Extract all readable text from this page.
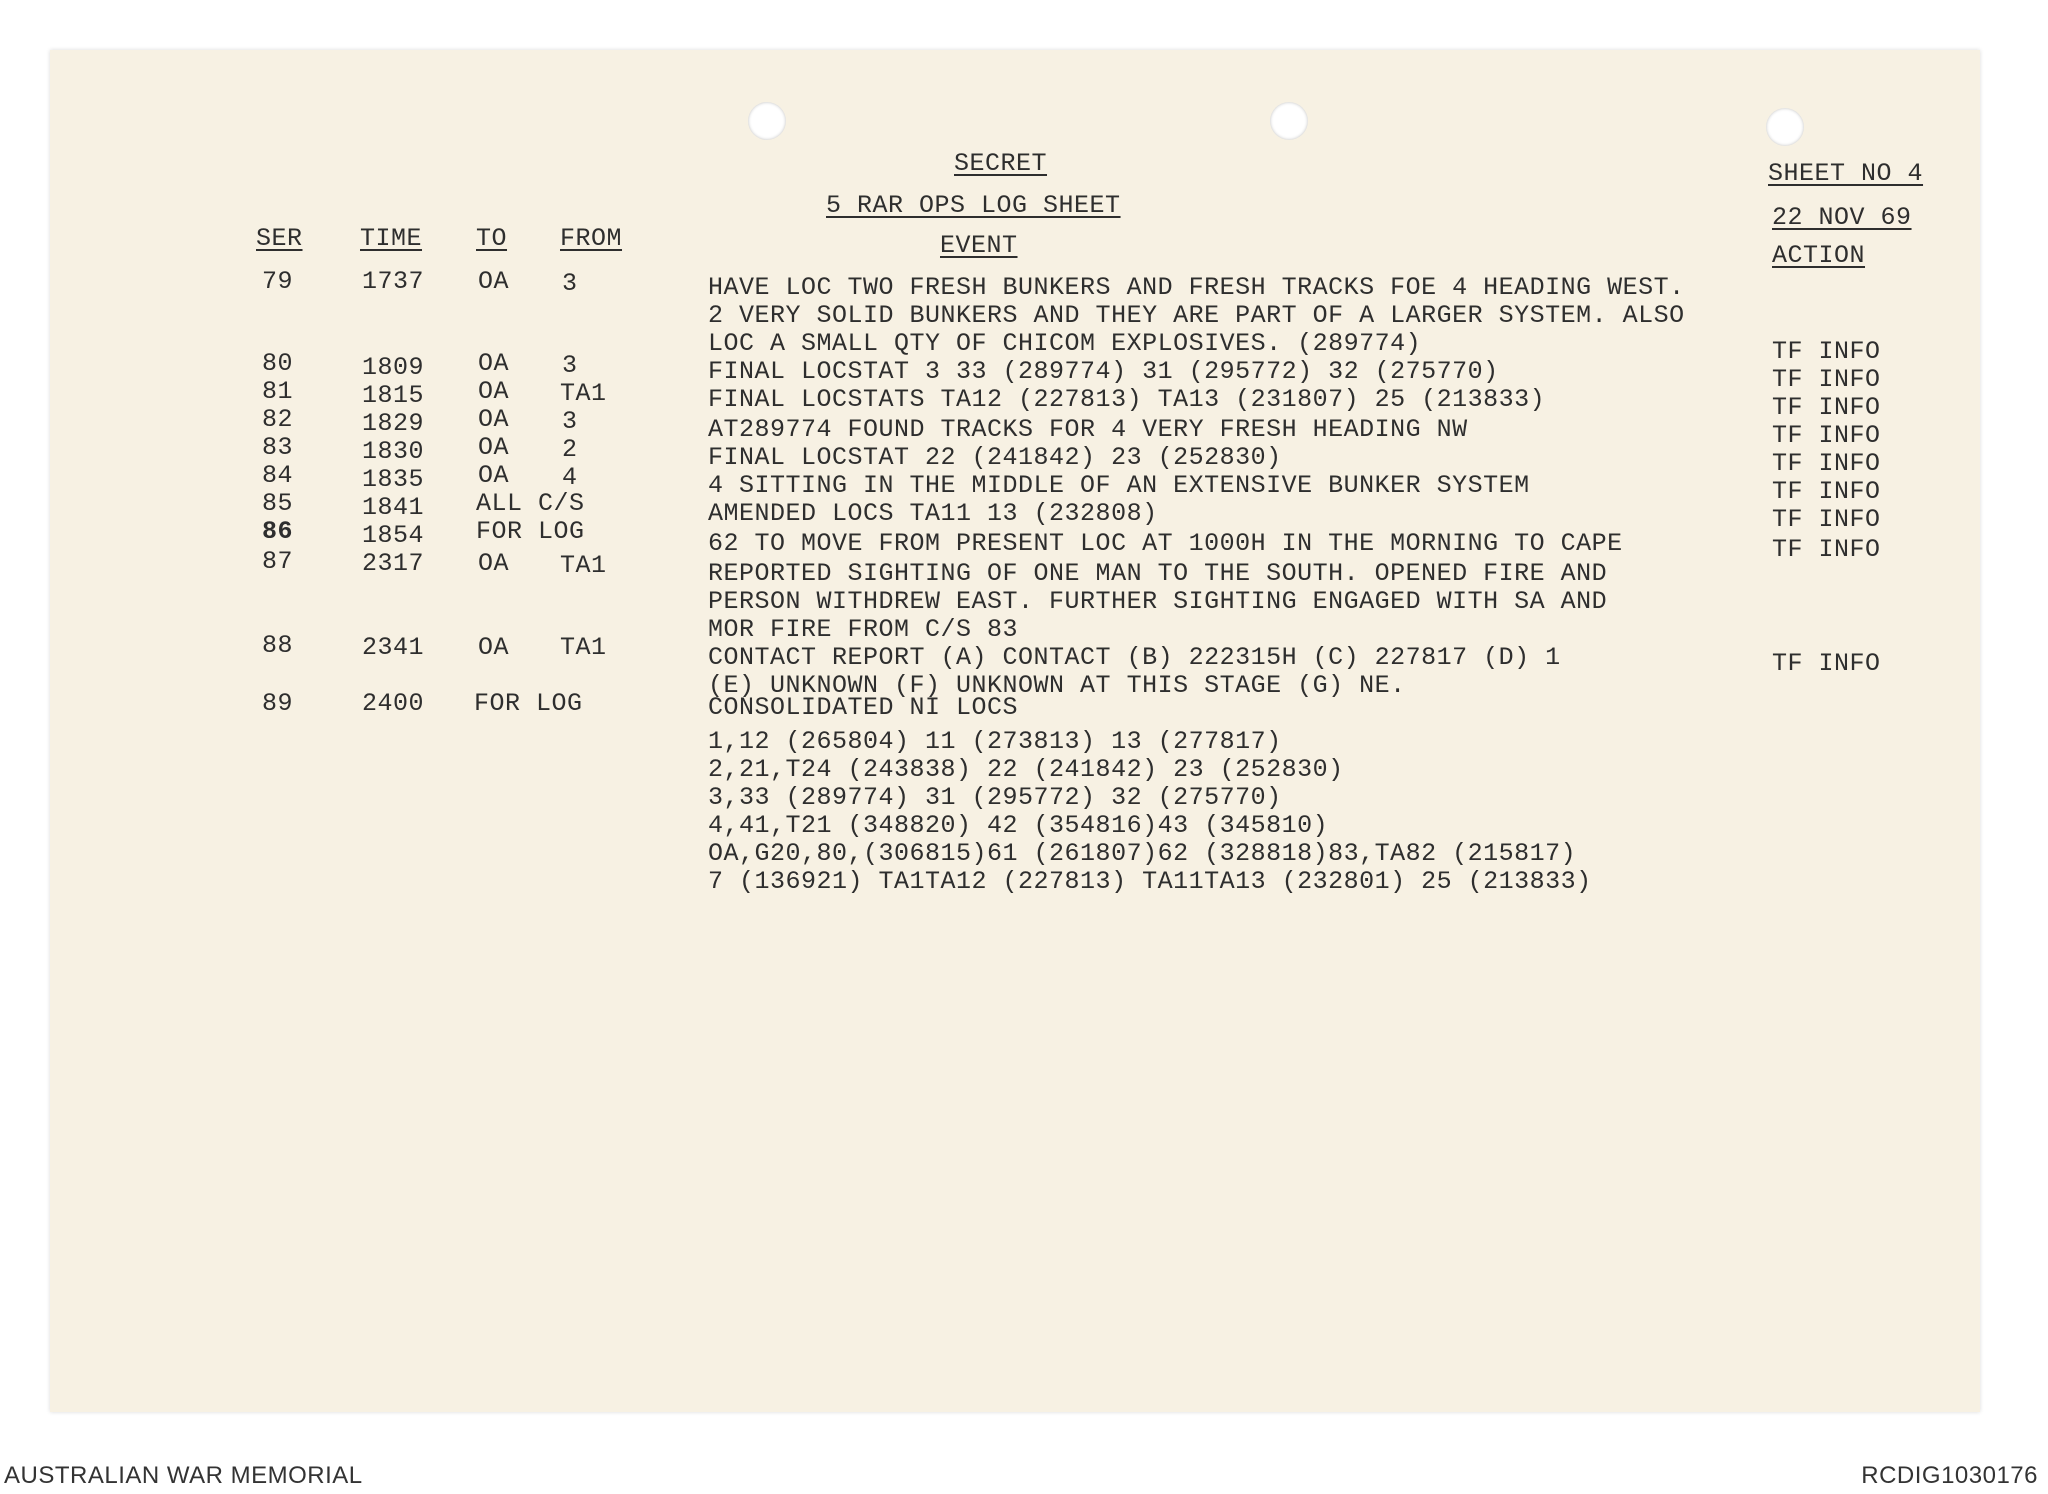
SECRET
5 RAR OPS LOG SHEET
SHEET NO 4
22 NOV 69
SER TIME TO FROM	EVENT	ACTION
79	1737 OA 3	HAVE LOC TWO FRESH BUNKERS AND FRESH TRACKS FOE 4 HEADING WEST.
2 VERY SOLID BUNKERS AND THEY ARE PART OF A LARGER SYSTEM. ALSO
LOC A SMALL QTY OF CHICOM EXPLOSIVES. (289774)
80	1809 OA 3	FINAL LOCSTAT 3 33 (289774) 31 (295772) 32 (275770)
TF INFO
81	1815 OA TA1	FINAL LOCSTATS TA12 (227813) TA13 (231807) 25 (213833)
TF INFO
82	1829 OA 3	AT289774 FOUND TRACKS FOR 4 VERY FRESH HEADING NW
TF INFO
83	1830 OA 2	FINAL LOCSTAT 22 (241842) 23 (252830)
TF INFO
84	1835 OA 4	4 SITTING IN THE MIDDLE OF AN EXTENSIVE BUNKER SYSTEM
TF INFO
85	1841 ALL C/S	AMENDED LOCS TA11 13 (232808)
TF INFO
86	1854 FOR LOG	62 TO MOVE FROM PRESENT LOC AT 1000H IN THE MORNING TO CAPE
TF INFO
87	2317 OA TA1	REPORTED SIGHTING OF ONE MAN TO THE SOUTH. OPENED FIRE AND
PERSON WITHDREW EAST. FURTHER SIGHTING ENGAGED WITH SA AND
MOR FIRE FROM C/S 83
TF INFO
88	2341 OA TA1	CONTACT REPORT (A) CONTACT (B) 222315H (C) 227817 (D) 1
(E) UNKNOWN (F) UNKNOWN AT THIS STAGE (G) NE.
TF INFO
89	2400 FOR LOG	CONSOLIDATED NI LOCS
1,12 (265804) 11 (273813) 13 (277817)
2,21,T24 (243838) 22 (241842) 23 (252830)
3,33 (289774) 31 (295772) 32 (275770)
4,41,T21 (348820) 42 (354816)43 (345810)
OA,G20,80,(306815)61 (261807)62 (328818)83,TA82 (215817)
7 (136921) TA1TA12 (227813) TA11TA13 (232801) 25 (213833)
AUSTRALIAN WAR MEMORIAL	RCDIG1030176
